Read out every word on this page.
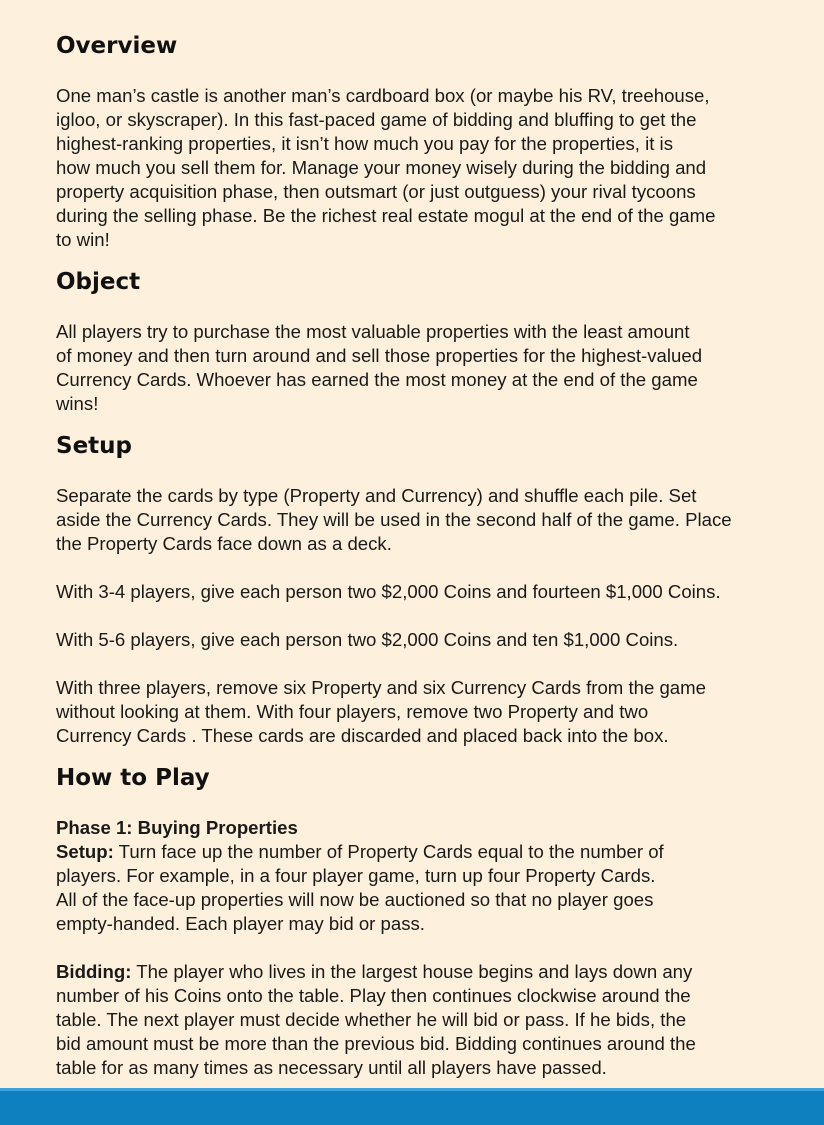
Overview

One man’s castle is another man’s cardboard box (or maybe his RV, treehouse,
igloo, or skyscraper). In this fast-paced game of bidding and bluffing to get the
highest-ranking properties, it isn’t how much you pay for the properties, it is
how much you sell them for. Manage your money wisely during the bidding and
property acquisition phase, then outsmart (or just outguess) your rival tycoons
during the selling phase. Be the richest real estate mogul at the end of the game
to win!

Object

All players try to purchase the most valuable properties with the least amount
of money and then turn around and sell those properties for the highest-valued
Currency Cards. Whoever has earned the most money at the end of the game
wins!

Setup

Separate the cards by type (Property and Currency) and shuffle each pile. Set
aside the Currency Cards. They will be used in the second half of the game. Place
the Property Cards face down as a deck.

With 3-4 players, give each person two $2,000 Coins and fourteen $1,000 Coins.

With 5-6 players, give each person two $2,000 Coins and ten $1,000 Coins.

With three players, remove six Property and six Currency Cards from the game
without looking at them. With four players, remove two Property and two
Currency Cards . These cards are discarded and placed back into the box.

How to Play

Phase 1: Buying Properties
Setup: Turn face up the number of Property Cards equal to the number of
players. For example, in a four player game, turn up four Property Cards.
All of the face-up properties will now be auctioned so that no player goes
empty-handed. Each player may bid or pass.

Bidding: The player who lives in the largest house begins and lays down any
number of his Coins onto the table. Play then continues clockwise around the
table. The next player must decide whether he will bid or pass. If he bids, the
bid amount must be more than the previous bid. Bidding continues around the
table for as many times as necessary until all players have passed.
